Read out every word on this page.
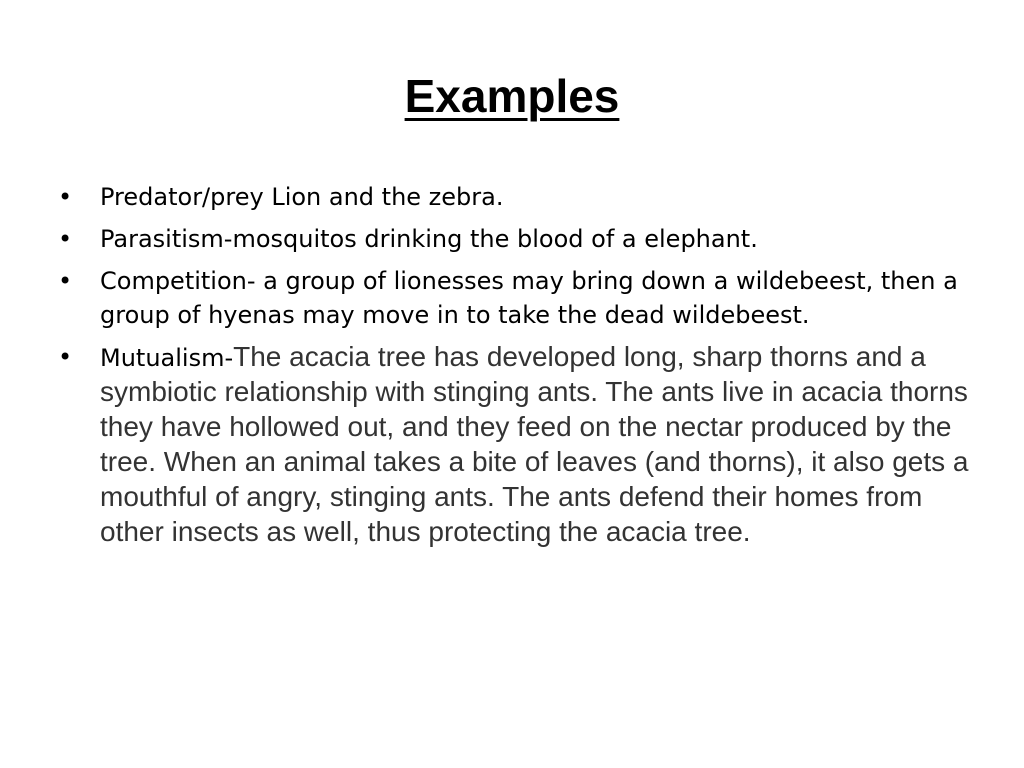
Examples
• Predator/prey Lion and the zebra.
• Parasitism-mosquitos drinking the blood of a elephant.
• Competition- a group of lionesses may bring down a wildebeest, then a group of hyenas may move in to take the dead wildebeest.
• Mutualism-The acacia tree has developed long, sharp thorns and a symbiotic relationship with stinging ants. The ants live in acacia thorns they have hollowed out, and they feed on the nectar produced by the tree. When an animal takes a bite of leaves (and thorns), it also gets a mouthful of angry, stinging ants. The ants defend their homes from other insects as well, thus protecting the acacia tree.
